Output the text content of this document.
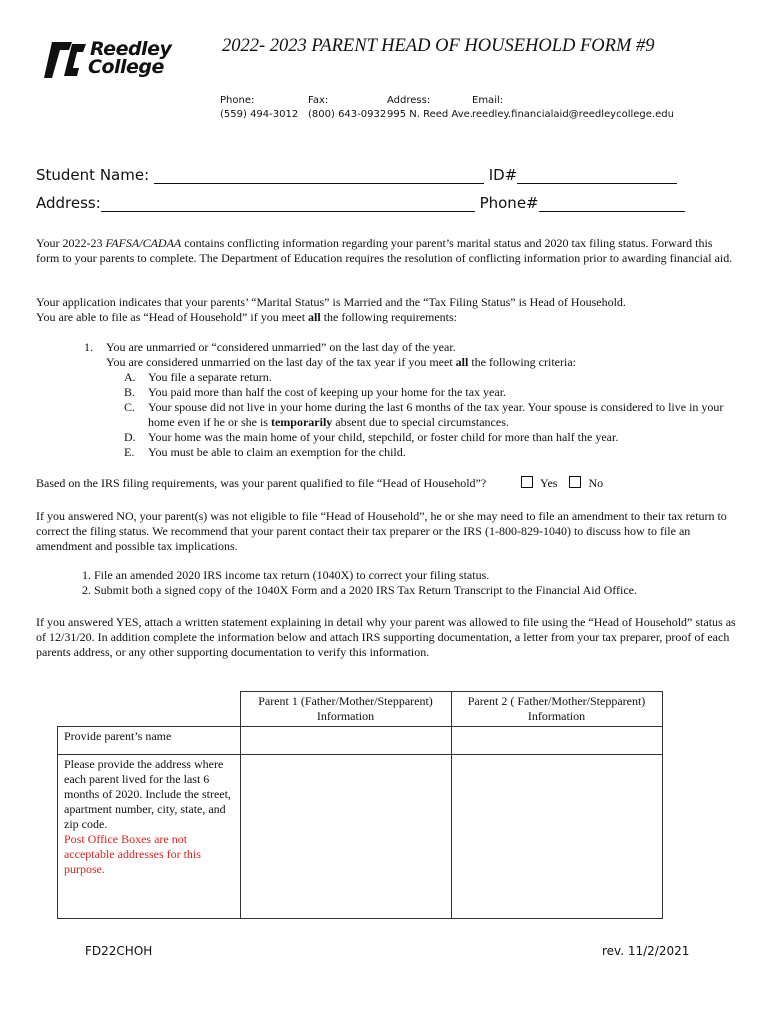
Reedley
College
2022- 2023 PARENT HEAD OF HOUSEHOLD FORM #9
Phone:
(559) 494-3012
Fax:
(800) 643-0932
Address:
995 N. Reed Ave.
Email:
reedley.financialaid@reedleycollege.edu
Student Name:	ID#
Address:	Phone#

Your 2022-23 FAFSA/CADAA contains conflicting information regarding your parent’s marital status and 2020 tax filing status. Forward this form to your parents to complete. The Department of Education requires the resolution of conflicting information prior to awarding financial aid.

Your application indicates that your parents’ “Marital Status” is Married and the “Tax Filing Status” is Head of Household.

You are able to file as “Head of Household” if you meet all the following requirements:

1.	You are unmarried or “considered unmarried” on the last day of the year.
You are considered unmarried on the last day of the tax year if you meet all the following criteria:
A.	You file a separate return.
B.	You paid more than half the cost of keeping up your home for the tax year.
C.	Your spouse did not live in your home during the last 6 months of the tax year. Your spouse is considered to live in your home even if he or she is temporarily absent due to special circumstances.
D.	Your home was the main home of your child, stepchild, or foster child for more than half the year.
E.	You must be able to claim an exemption for the child.
Based on the IRS filing requirements, was your parent qualified to file “Head of Household”?	Yes	No

If you answered NO, your parent(s) was not eligible to file “Head of Household”, he or she may need to file an amendment to their tax return to correct the filing status. We recommend that your parent contact their tax preparer or the IRS (1-800-829-1040) to discuss how to file an amendment and possible tax implications.

1. File an amended 2020 IRS income tax return (1040X) to correct your filing status.

2. Submit both a signed copy of the 1040X Form and a 2020 IRS Tax Return Transcript to the Financial Aid Office.

If you answered YES, attach a written statement explaining in detail why your parent was allowed to file using the “Head of Household” status as of 12/31/20. In addition complete the information below and attach IRS supporting documentation, a letter from your tax preparer, proof of each parents address, or any other supporting documentation to verify this information.

	Parent 1 (Father/Mother/Stepparent) Information	Parent 2 ( Father/Mother/Stepparent) Information
Provide parent’s name		

Please provide the address where each parent lived for the last 6 months of 2020. Include the street, apartment number, city, state, and zip code.
Post Office Boxes are not acceptable addresses for this purpose.		

FD22CHOH	rev. 11/2/2021
